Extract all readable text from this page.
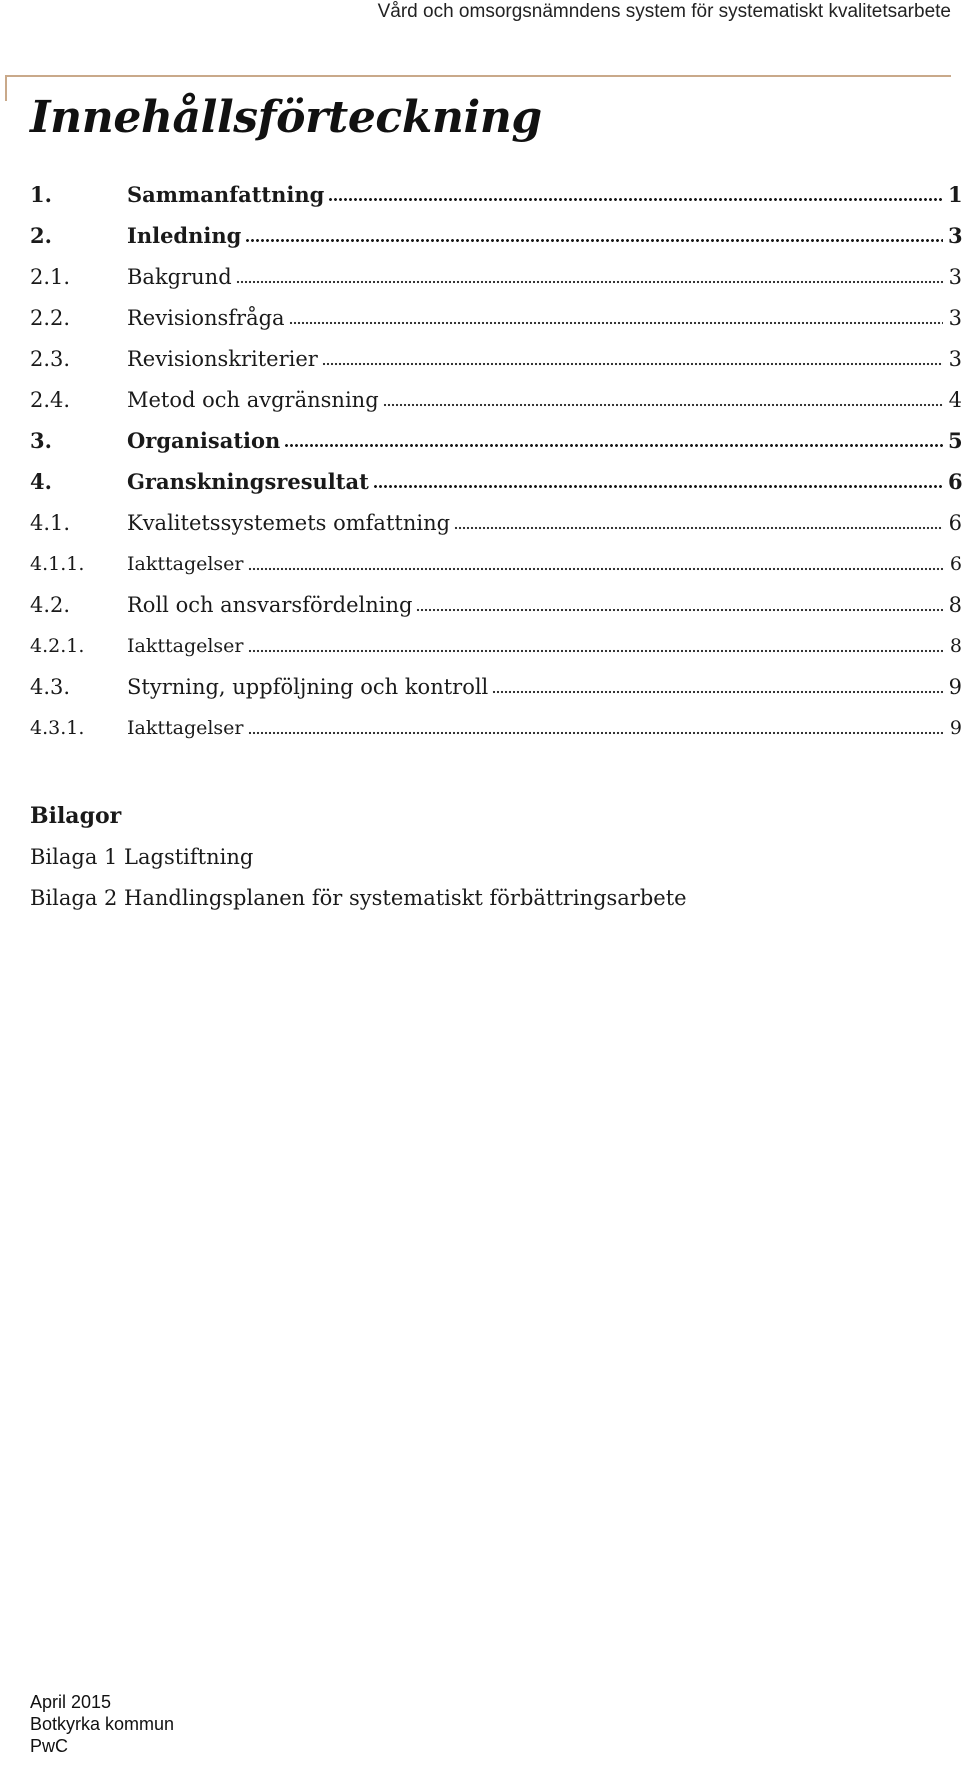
Vård och omsorgsnämndens system för systematiskt kvalitetsarbete
Innehållsförteckning
1.	Sammanfattning	1
2.	Inledning	3
2.1.	Bakgrund	3
2.2.	Revisionsfråga	3
2.3.	Revisionskriterier	3
2.4.	Metod och avgränsning	4
3.	Organisation	5
4.	Granskningsresultat	6
4.1.	Kvalitetssystemets omfattning	6
4.1.1.	Iakttagelser	6
4.2.	Roll och ansvarsfördelning	8
4.2.1.	Iakttagelser	8
4.3.	Styrning, uppföljning och kontroll	9
4.3.1.	Iakttagelser	9
Bilagor
Bilaga 1 Lagstiftning
Bilaga 2 Handlingsplanen för systematiskt förbättringsarbete
April 2015
Botkyrka kommun
PwC
